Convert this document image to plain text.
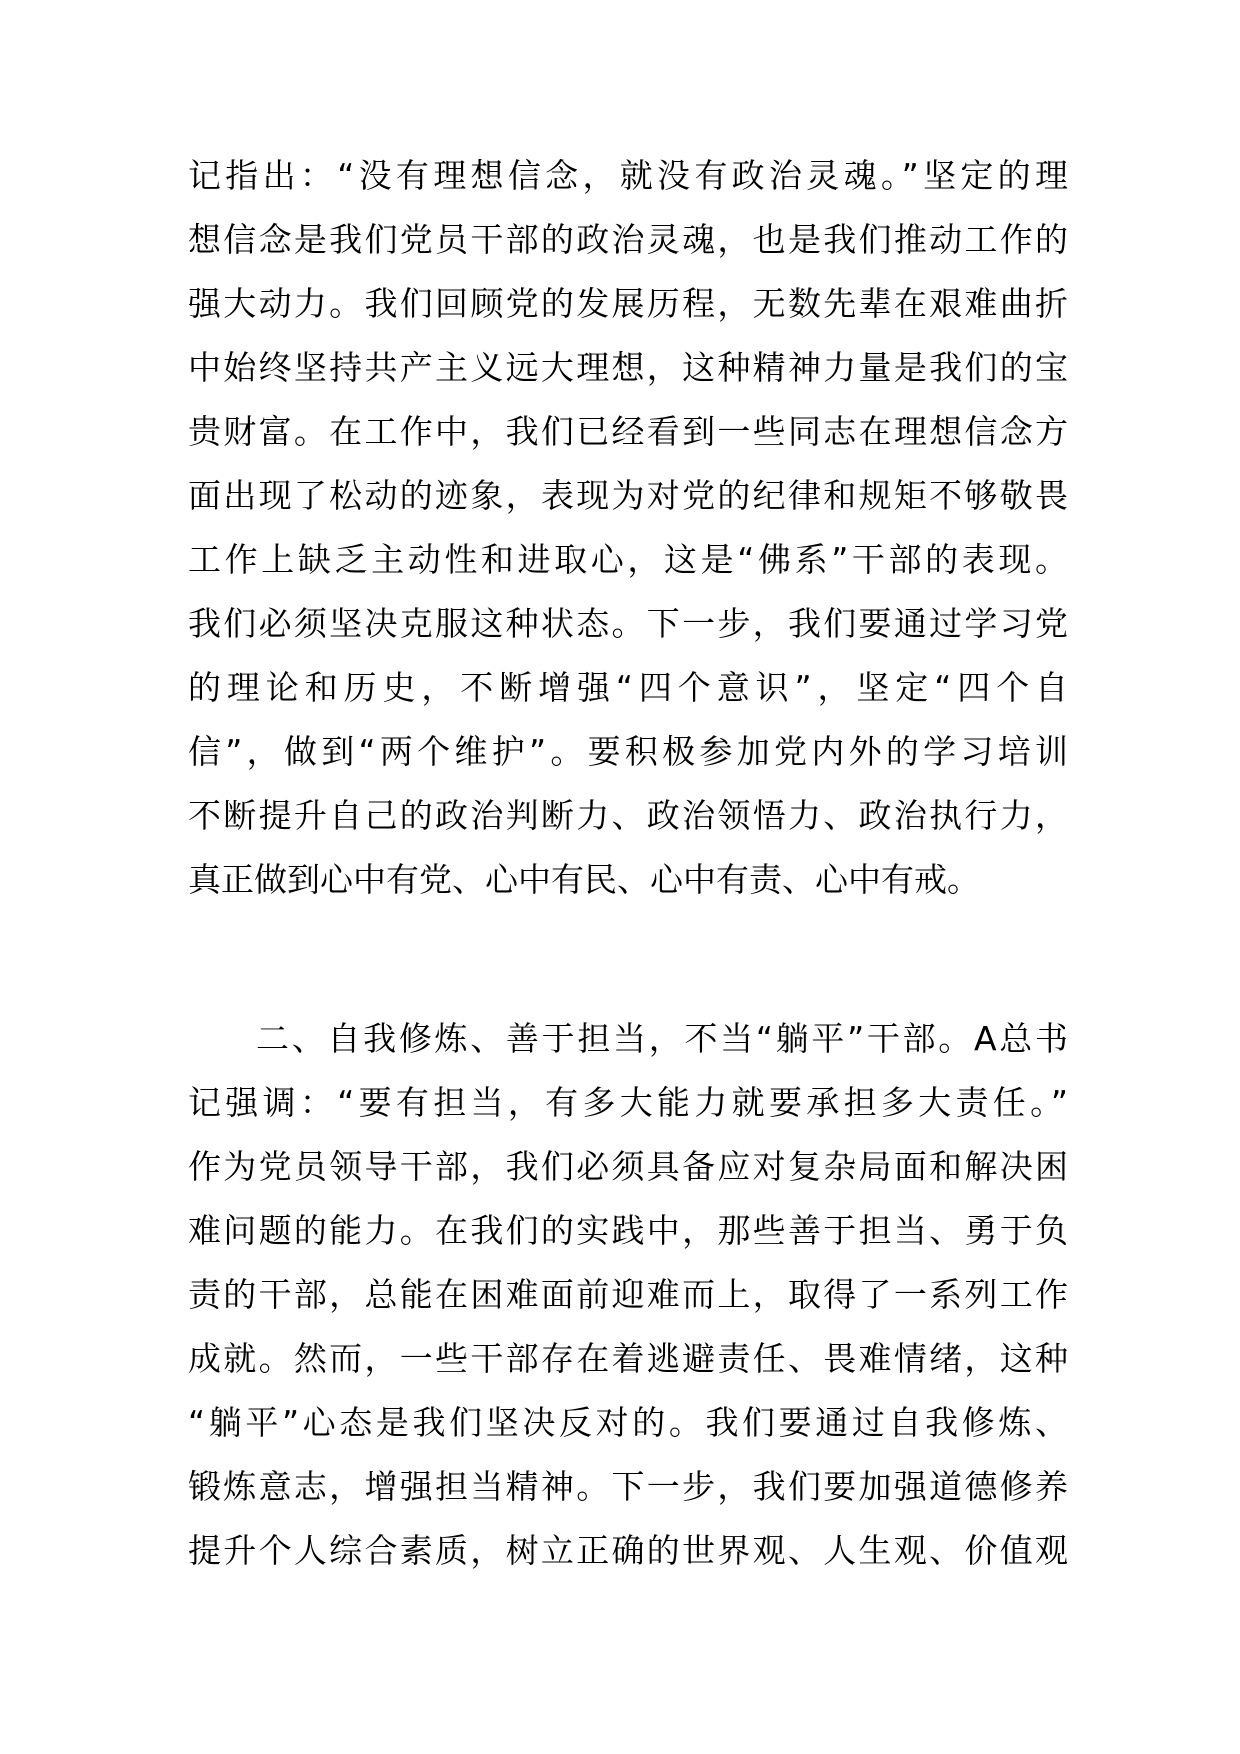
记指出：“没有理想信念，就没有政治灵魂。”坚定的理
想信念是我们党员干部的政治灵魂，也是我们推动工作的
强大动力。我们回顾党的发展历程，无数先辈在艰难曲折
中始终坚持共产主义远大理想，这种精神力量是我们的宝
贵财富。在工作中，我们已经看到一些同志在理想信念方
面出现了松动的迹象，表现为对党的纪律和规矩不够敬畏
工作上缺乏主动性和进取心，这是“佛系”干部的表现。
我们必须坚决克服这种状态。下一步，我们要通过学习党
的理论和历史，不断增强“四个意识”，坚定“四个自
信”，做到“两个维护”。要积极参加党内外的学习培训
不断提升自己的政治判断力、政治领悟力、政治执行力，
真正做到心中有党、心中有民、心中有责、心中有戒。
二、自我修炼、善于担当，不当“躺平”干部。A总书
记强调：“要有担当，有多大能力就要承担多大责任。”
作为党员领导干部，我们必须具备应对复杂局面和解决困
难问题的能力。在我们的实践中，那些善于担当、勇于负
责的干部，总能在困难面前迎难而上，取得了一系列工作
成就。然而，一些干部存在着逃避责任、畏难情绪，这种
“躺平”心态是我们坚决反对的。我们要通过自我修炼、
锻炼意志，增强担当精神。下一步，我们要加强道德修养
提升个人综合素质，树立正确的世界观、人生观、价值观
